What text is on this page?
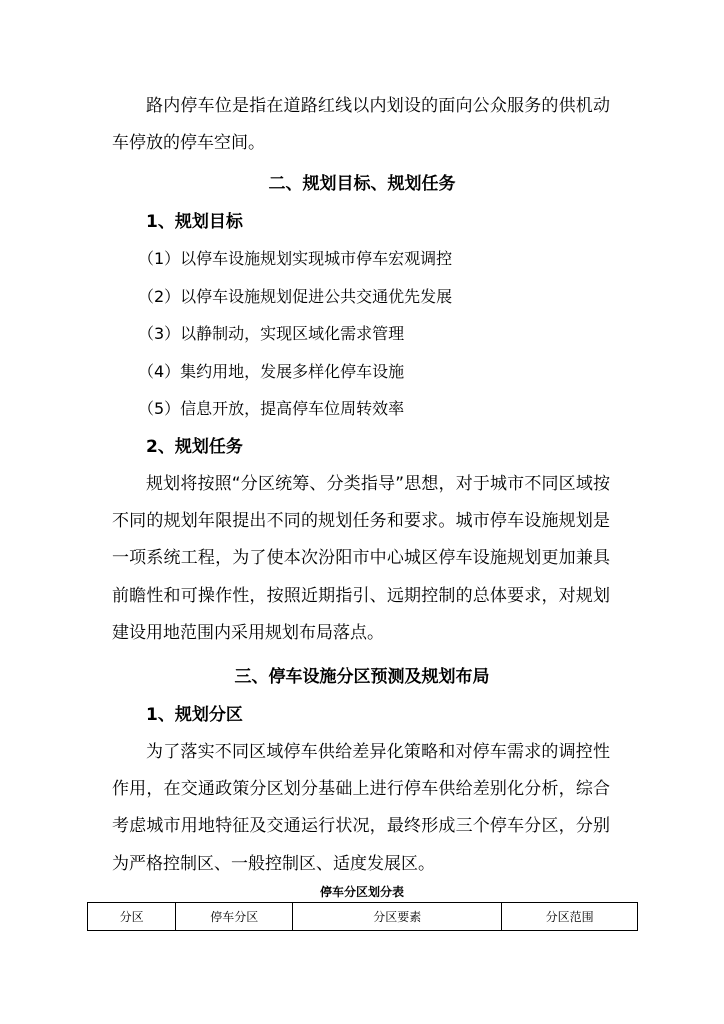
路内停车位是指在道路红线以内划设的面向公众服务的供机动车停放的停车空间。

二、规划目标、规划任务
1、规划目标

（1）以停车设施规划实现城市停车宏观调控

（2）以停车设施规划促进公共交通优先发展

（3）以静制动，实现区域化需求管理

（4）集约用地，发展多样化停车设施

（5）信息开放，提高停车位周转效率

2、规划任务

规划将按照“分区统筹、分类指导”思想，对于城市不同区域按不同的规划年限提出不同的规划任务和要求。城市停车设施规划是一项系统工程，为了使本次汾阳市中心城区停车设施规划更加兼具前瞻性和可操作性，按照近期指引、远期控制的总体要求，对规划建设用地范围内采用规划布局落点。

三、停车设施分区预测及规划布局
1、规划分区

为了落实不同区域停车供给差异化策略和对停车需求的调控性作用，在交通政策分区划分基础上进行停车供给差别化分析，综合考虑城市用地特征及交通运行状况，最终形成三个停车分区，分别为严格控制区、一般控制区、适度发展区。

停车分区划分表

分区	停车分区	分区要素	分区范围
